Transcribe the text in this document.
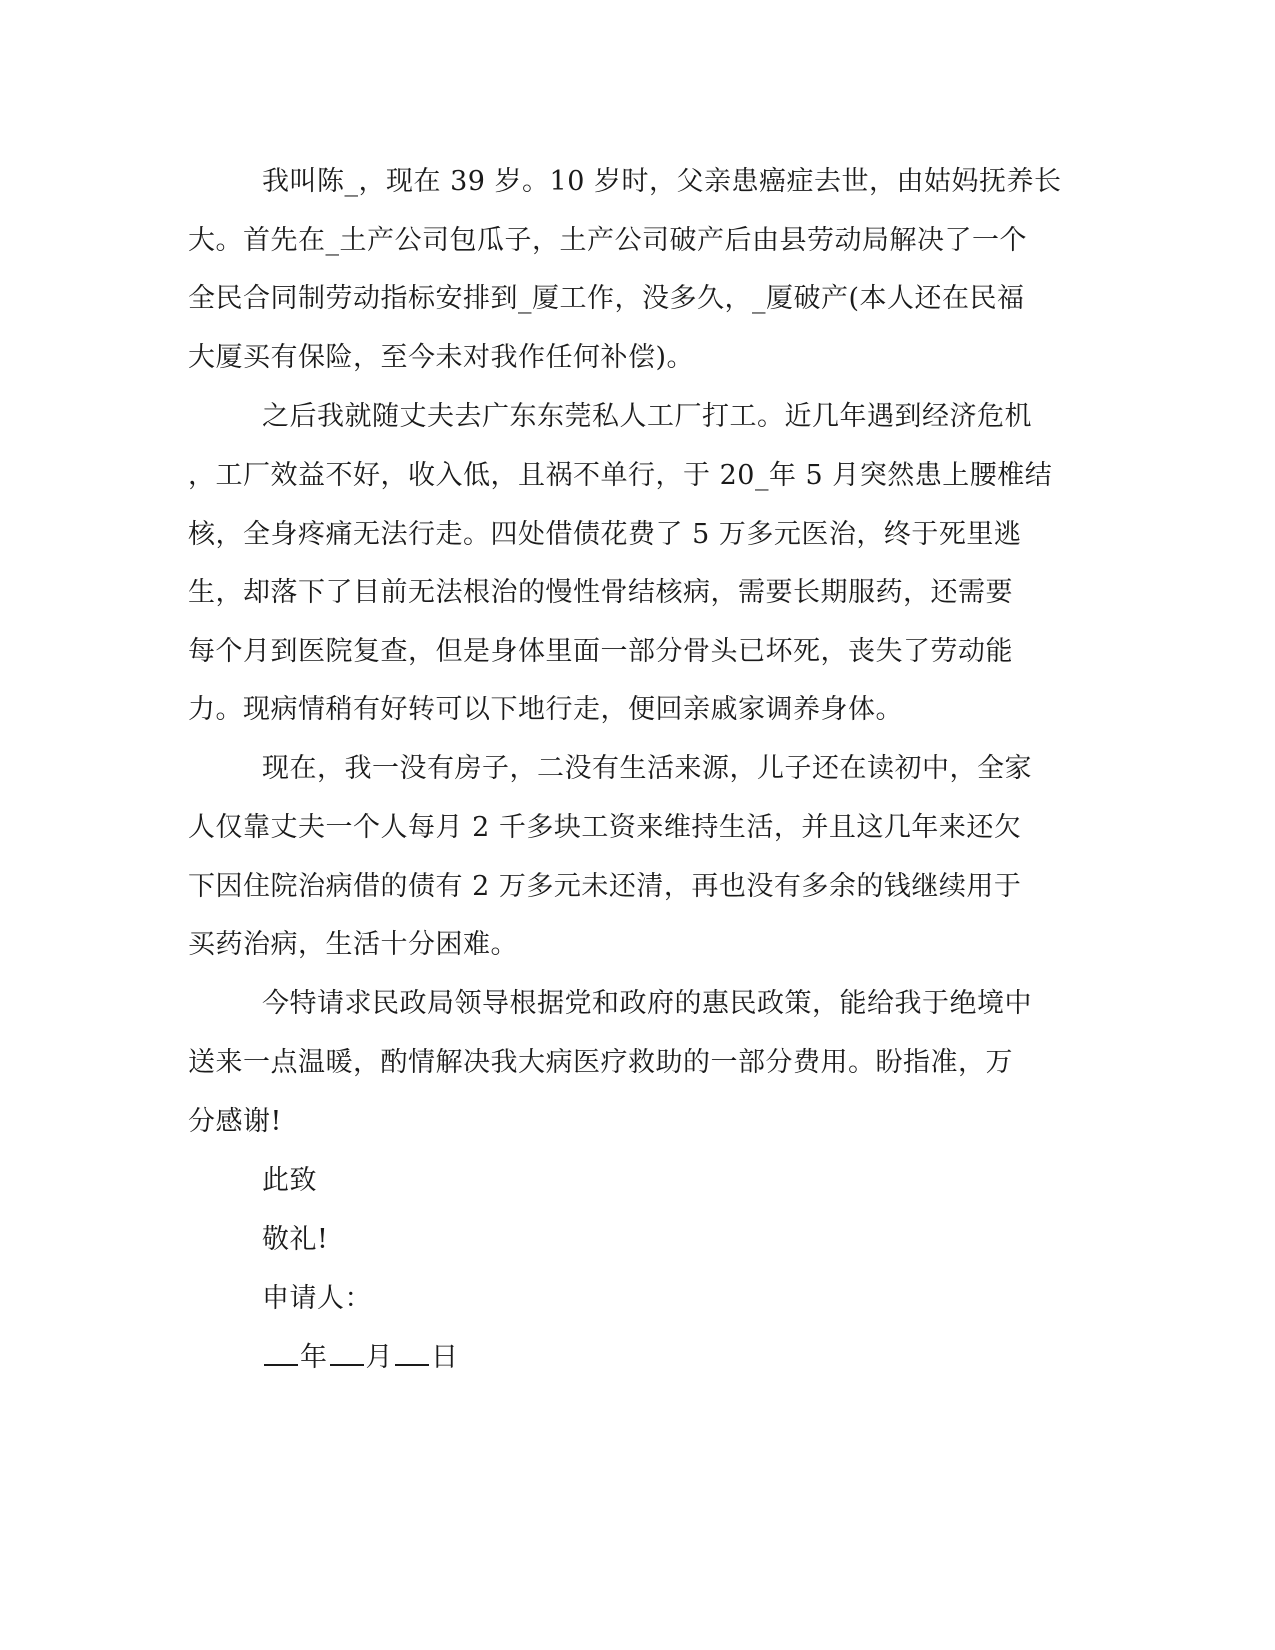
我叫陈_，现在 39 岁。10 岁时，父亲患癌症去世，由姑妈抚养长
大。首先在_土产公司包瓜子，土产公司破产后由县劳动局解决了一个
全民合同制劳动指标安排到_厦工作，没多久，_厦破产(本人还在民福
大厦买有保险，至今未对我作任何补偿)。
之后我就随丈夫去广东东莞私人工厂打工。近几年遇到经济危机
，工厂效益不好，收入低，且祸不单行，于 20_年 5 月突然患上腰椎结
核，全身疼痛无法行走。四处借债花费了 5 万多元医治，终于死里逃
生，却落下了目前无法根治的慢性骨结核病，需要长期服药，还需要
每个月到医院复查，但是身体里面一部分骨头已坏死，丧失了劳动能
力。现病情稍有好转可以下地行走，便回亲戚家调养身体。
现在，我一没有房子，二没有生活来源，儿子还在读初中，全家
人仅靠丈夫一个人每月 2 千多块工资来维持生活，并且这几年来还欠
下因住院治病借的债有 2 万多元未还清，再也没有多余的钱继续用于
买药治病，生活十分困难。
今特请求民政局领导根据党和政府的惠民政策，能给我于绝境中
送来一点温暖，酌情解决我大病医疗救助的一部分费用。盼指准，万
分感谢!
此致
敬礼!
申请人：
年 月 日
